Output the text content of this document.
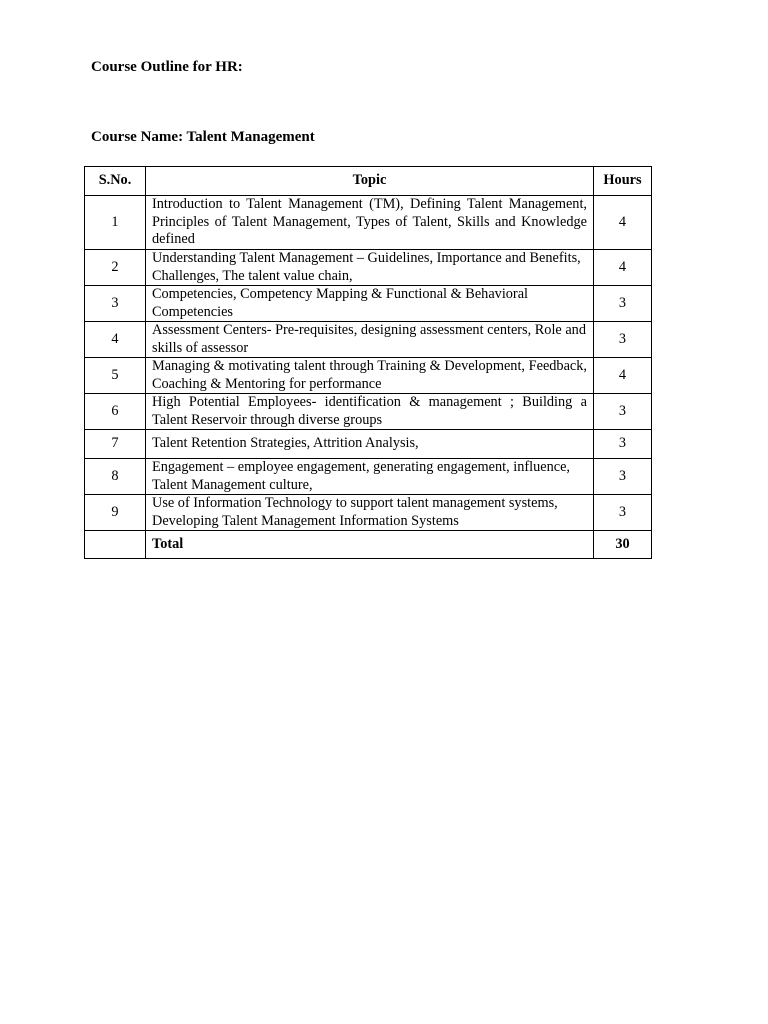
Course Outline for HR:

Course Name: Talent Management

S.No.	Topic	Hours
1	Introduction to Talent Management (TM), Defining Talent Management, Principles of Talent Management, Types of Talent, Skills and Knowledge defined	4
2	Understanding Talent Management – Guidelines, Importance and Benefits, Challenges, The talent value chain,	4
3	Competencies, Competency Mapping & Functional & Behavioral Competencies	3
4	Assessment Centers- Pre-requisites, designing assessment centers, Role and skills of assessor	3
5	Managing & motivating talent through Training & Development, Feedback, Coaching & Mentoring for performance	4
6	High Potential Employees- identification & management ; Building a Talent Reservoir through diverse groups	3
7	Talent Retention Strategies, Attrition Analysis,	3
8	Engagement – employee engagement, generating engagement, influence, Talent Management culture,	3
9	Use of Information Technology to support talent management systems, Developing Talent Management Information Systems	3
	Total	30
